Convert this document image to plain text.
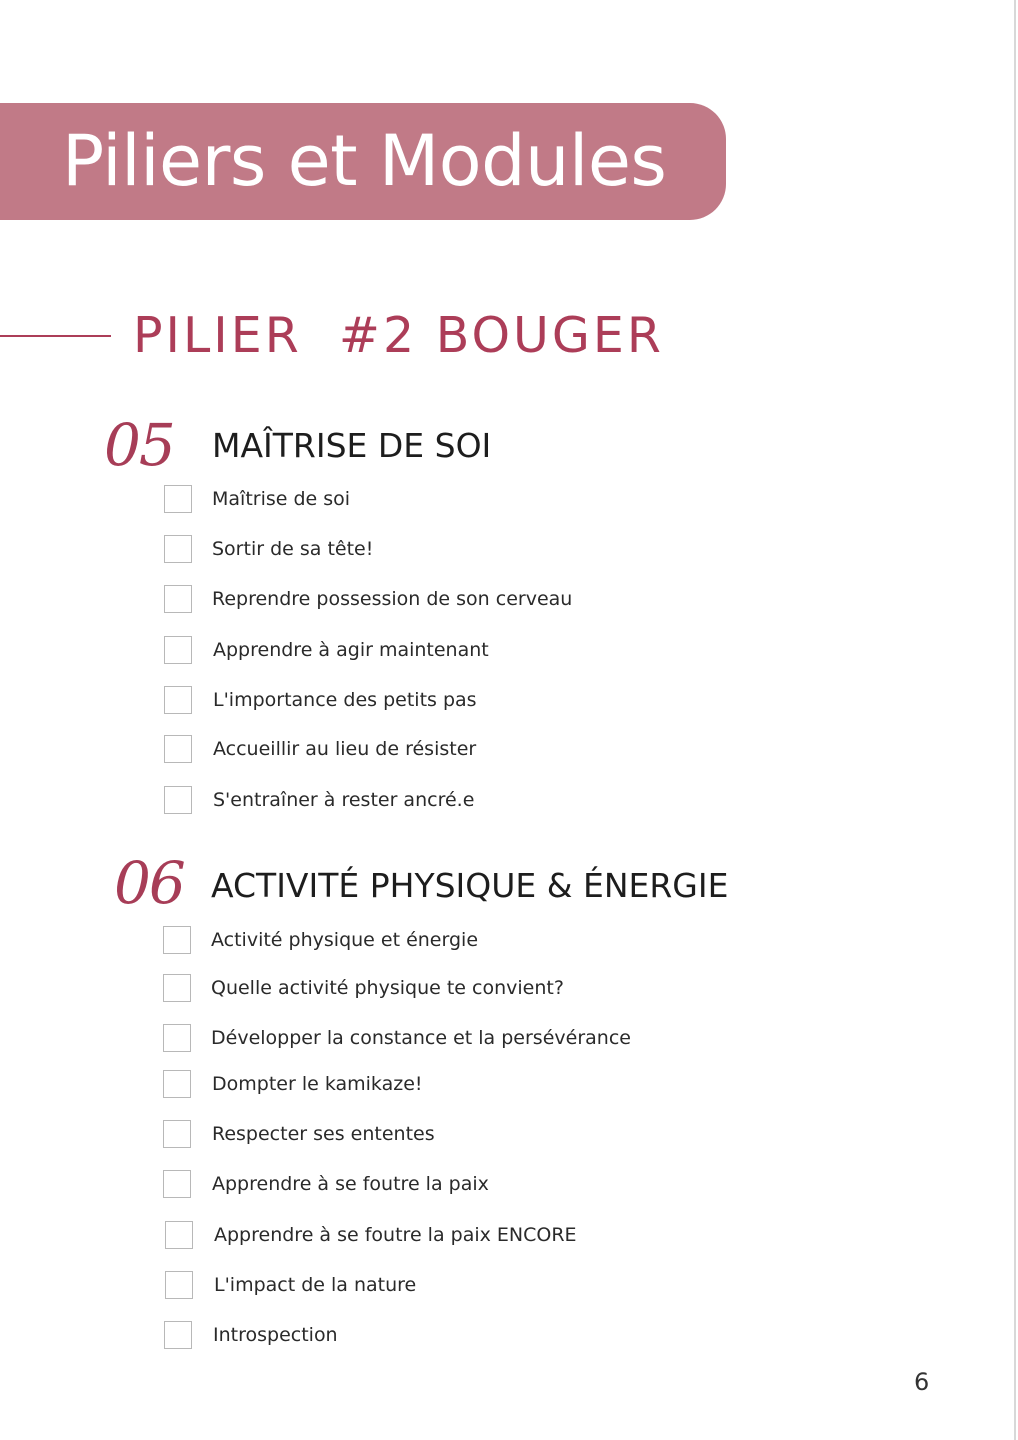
Piliers et Modules
PILIER  #2 BOUGER
05 MAÎTRISE DE SOI
Maîtrise de soi
Sortir de sa tête!
Reprendre possession de son cerveau
Apprendre à agir maintenant
L'importance des petits pas
Accueillir au lieu de résister
S'entraîner à rester ancré.e
06 ACTIVITÉ PHYSIQUE & ÉNERGIE
Activité physique et énergie
Quelle activité physique te convient?
Développer la constance et la persévérance
Dompter le kamikaze!
Respecter ses ententes
Apprendre à se foutre la paix
Apprendre à se foutre la paix ENCORE
L'impact de la nature
Introspection
6
